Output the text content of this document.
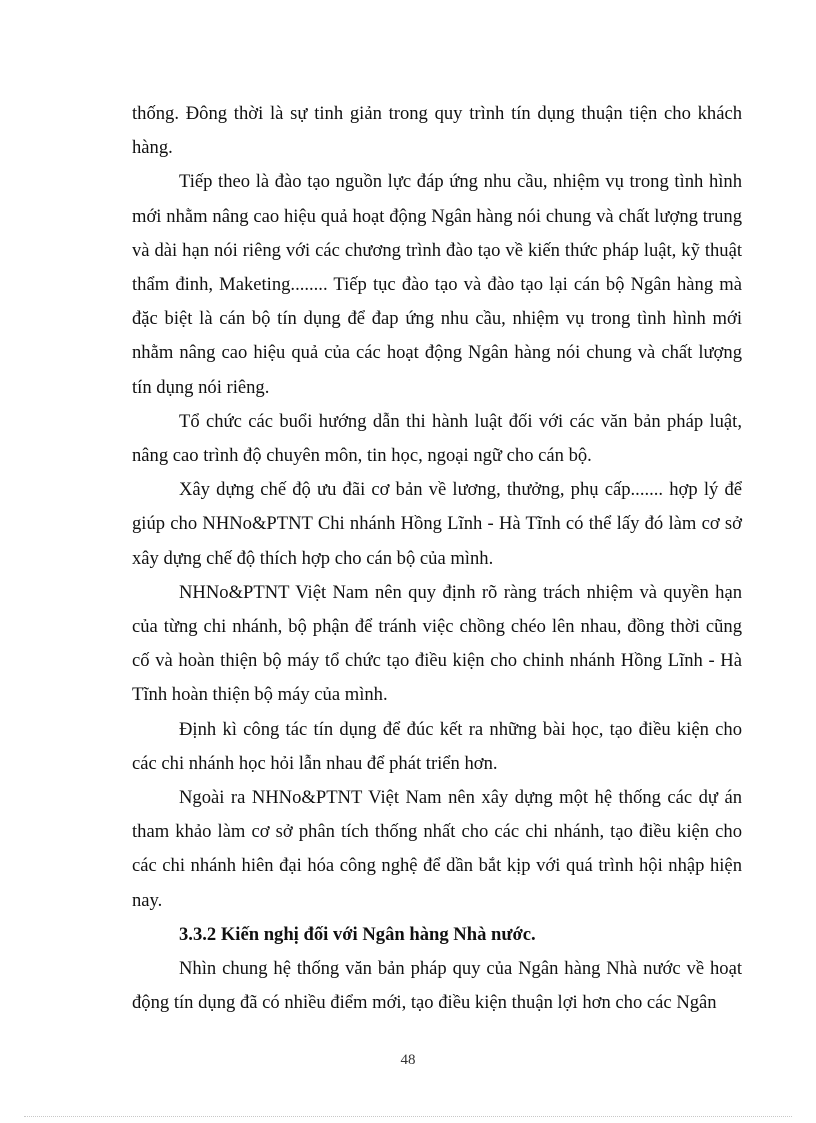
thống. Đông thời là sự tinh giản trong quy trình tín dụng thuận tiện cho khách hàng.

Tiếp theo là đào tạo nguồn lực đáp ứng nhu cầu, nhiệm vụ trong tình hình mới nhằm nâng cao hiệu quả hoạt động Ngân hàng nói chung và chất lượng trung và dài hạn nói riêng với các chương trình đào tạo về kiến thức pháp luật, kỹ thuật thẩm đinh, Maketing........ Tiếp tục đào tạo và đào tạo lại cán bộ Ngân hàng mà đặc biệt là cán bộ tín dụng để đap ứng nhu cầu, nhiệm vụ trong tình hình mới nhằm nâng cao hiệu quả của các hoạt động Ngân hàng nói chung và chất lượng tín dụng nói riêng.

Tổ chức các buổi hướng dẫn thi hành luật đối với các văn bản pháp luật, nâng cao trình độ chuyên môn, tin học, ngoại ngữ cho cán bộ.

Xây dựng chế độ ưu đãi cơ bản về lương, thưởng, phụ cấp....... hợp lý để giúp cho NHNo&PTNT Chi nhánh Hồng Lĩnh - Hà Tĩnh có thể lấy đó làm cơ sở xây dựng chế độ thích hợp cho cán bộ của mình.

NHNo&PTNT Việt Nam nên quy định rõ ràng trách nhiệm và quyền hạn của từng chi nhánh, bộ phận để tránh việc chồng chéo lên nhau, đồng thời cũng cố và hoàn thiện bộ máy tổ chức tạo điều kiện cho chinh nhánh Hồng Lĩnh - Hà Tĩnh hoàn thiện bộ máy của mình.

Định kì công tác tín dụng để đúc kết ra những bài học, tạo điều kiện cho các chi nhánh học hỏi lẫn nhau để phát triển hơn.

Ngoài ra NHNo&PTNT Việt Nam nên xây dựng một hệ thống các dự án tham khảo làm cơ sở phân tích thống nhất cho các chi nhánh, tạo điều kiện cho các chi nhánh hiên đại hóa công nghệ để dần bắt kịp với quá trình hội nhập hiện nay.

3.3.2 Kiến nghị đối với Ngân hàng Nhà nước.

Nhìn chung hệ thống văn bản pháp quy của Ngân hàng Nhà nước về hoạt động tín dụng đã có nhiều điểm mới, tạo điều kiện thuận lợi hơn cho các Ngân

48
